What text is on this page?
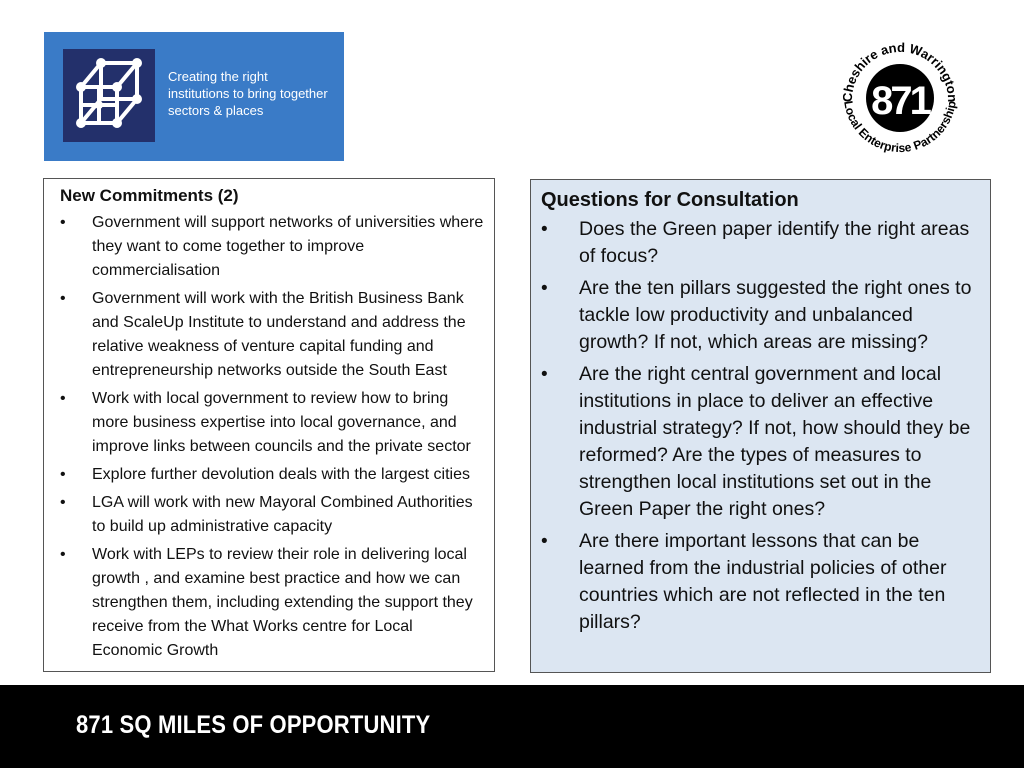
Creating the right
institutions to bring together
sectors & places	871
Cheshire and Warrington
Local Enterprise Partnership
New Commitments (2)
• Government will support networks of universities where they want to come together to improve commercialisation
• Government will work with the British Business Bank and ScaleUp Institute to understand and address the relative weakness of venture capital funding and entrepreneurship networks outside the South East
• Work with local government to review how to bring more business expertise into local governance, and improve links between councils and the private sector
• Explore further devolution deals with the largest cities
• LGA will work with new Mayoral Combined Authorities to build up administrative capacity
• Work with LEPs to review their role in delivering local growth , and examine best practice and how we can strengthen them, including extending the support they receive from the What Works centre for Local Economic Growth
Questions for Consultation
• Does the Green paper identify the right areas of focus?
• Are the ten pillars suggested the right ones to tackle low productivity and unbalanced growth? If not, which areas are missing?
• Are the right central government and local institutions in place to deliver an effective industrial strategy? If not, how should they be reformed? Are the types of measures to strengthen local institutions set out in the Green Paper the right ones?
• Are there important lessons that can be learned from the industrial policies of other countries which are not reflected in the ten pillars?
871 SQ MILES OF OPPORTUNITY
